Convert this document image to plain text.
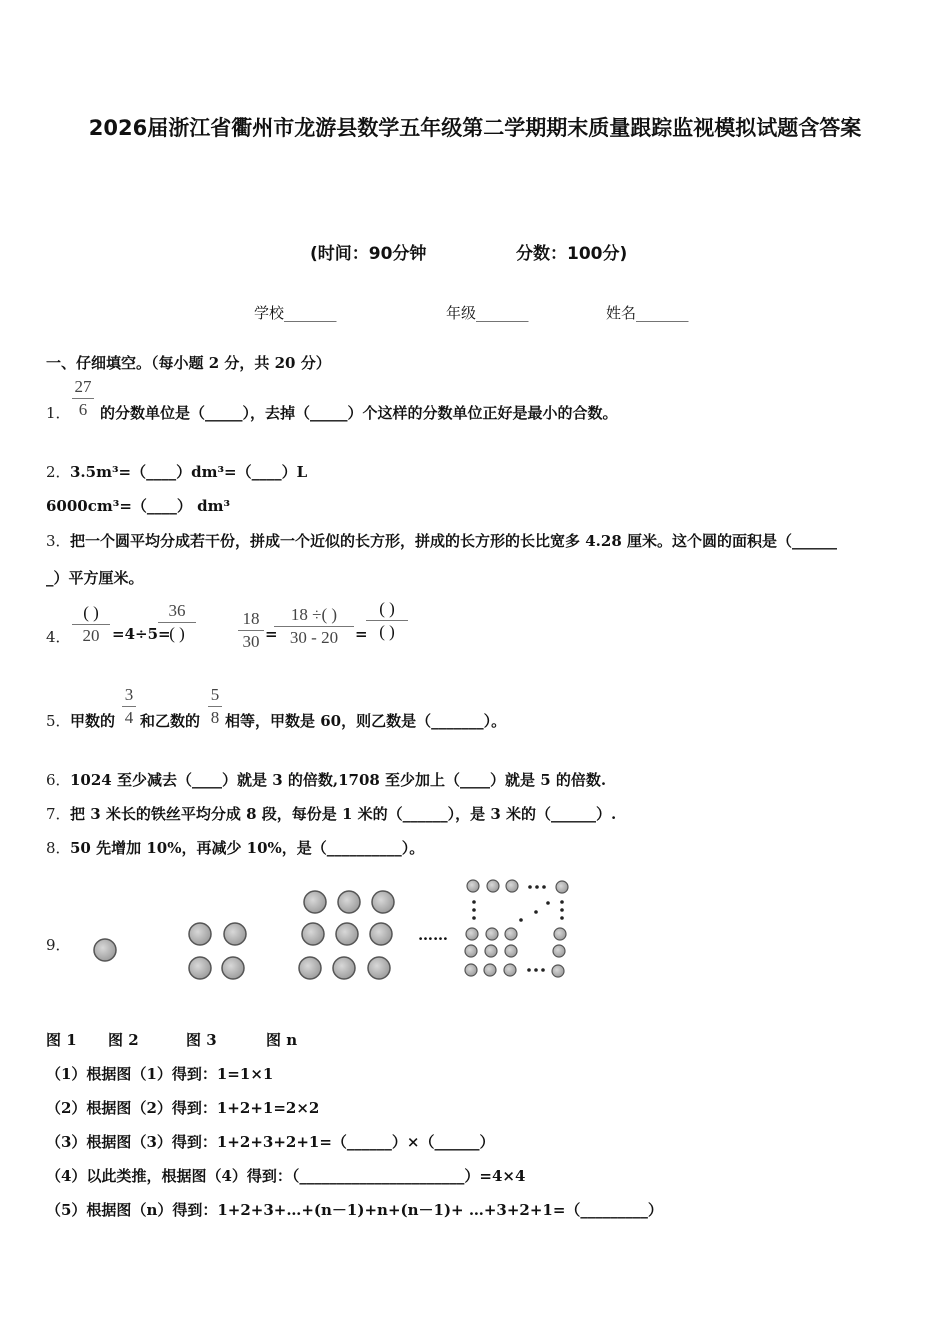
2026届浙江省衢州市龙游县数学五年级第二学期期末质量跟踪监视模拟试题含答案
(时间：90分钟	分数：100分)
学校_______	年级_______	姓名_______
一、仔细填空。（每小题 2 分，共 20 分）
1．
27
6 的分数单位是（_____），去掉（_____）个这样的分数单位正好是最小的合数。
2． 3.5m³=（____）dm³=（____）L
6000cm³=（____） dm³
3． 把一个圆平均分成若干份，拼成一个近似的长方形，拼成的长方形的长比宽多 4.28 厘米。这个圆的面积是（______
_）平方厘米。
4．
( )
20 =4÷5=
36
( )
18
30 =
18 ÷( )
30 - 20	=
( )
( )
5． 甲数的
3
4 和乙数的
5
8 相等，甲数是 60，则乙数是（_______）。
6． 1024 至少减去（____）就是 3 的倍数,1708 至少加上（____）就是 5 的倍数.
7． 把 3 米长的铁丝平均分成 8 段，每份是 1 米的（______），是 3 米的（______）.
8． 50 先增加 10%，再减少 10%，是（__________）。
9．
……
图 1 图 2	图 3	图 n
（1）根据图（1）得到：1=1×1
（2）根据图（2）得到：1+2+1=2×2
（3）根据图（3）得到：1+2+3+2+1=（______）×（______）
（4）以此类推，根据图（4）得到：（______________________）=4×4
（5）根据图（n）得到：1+2+3+…+(n－1)+n+(n－1)+ …+3+2+1=（_________）
